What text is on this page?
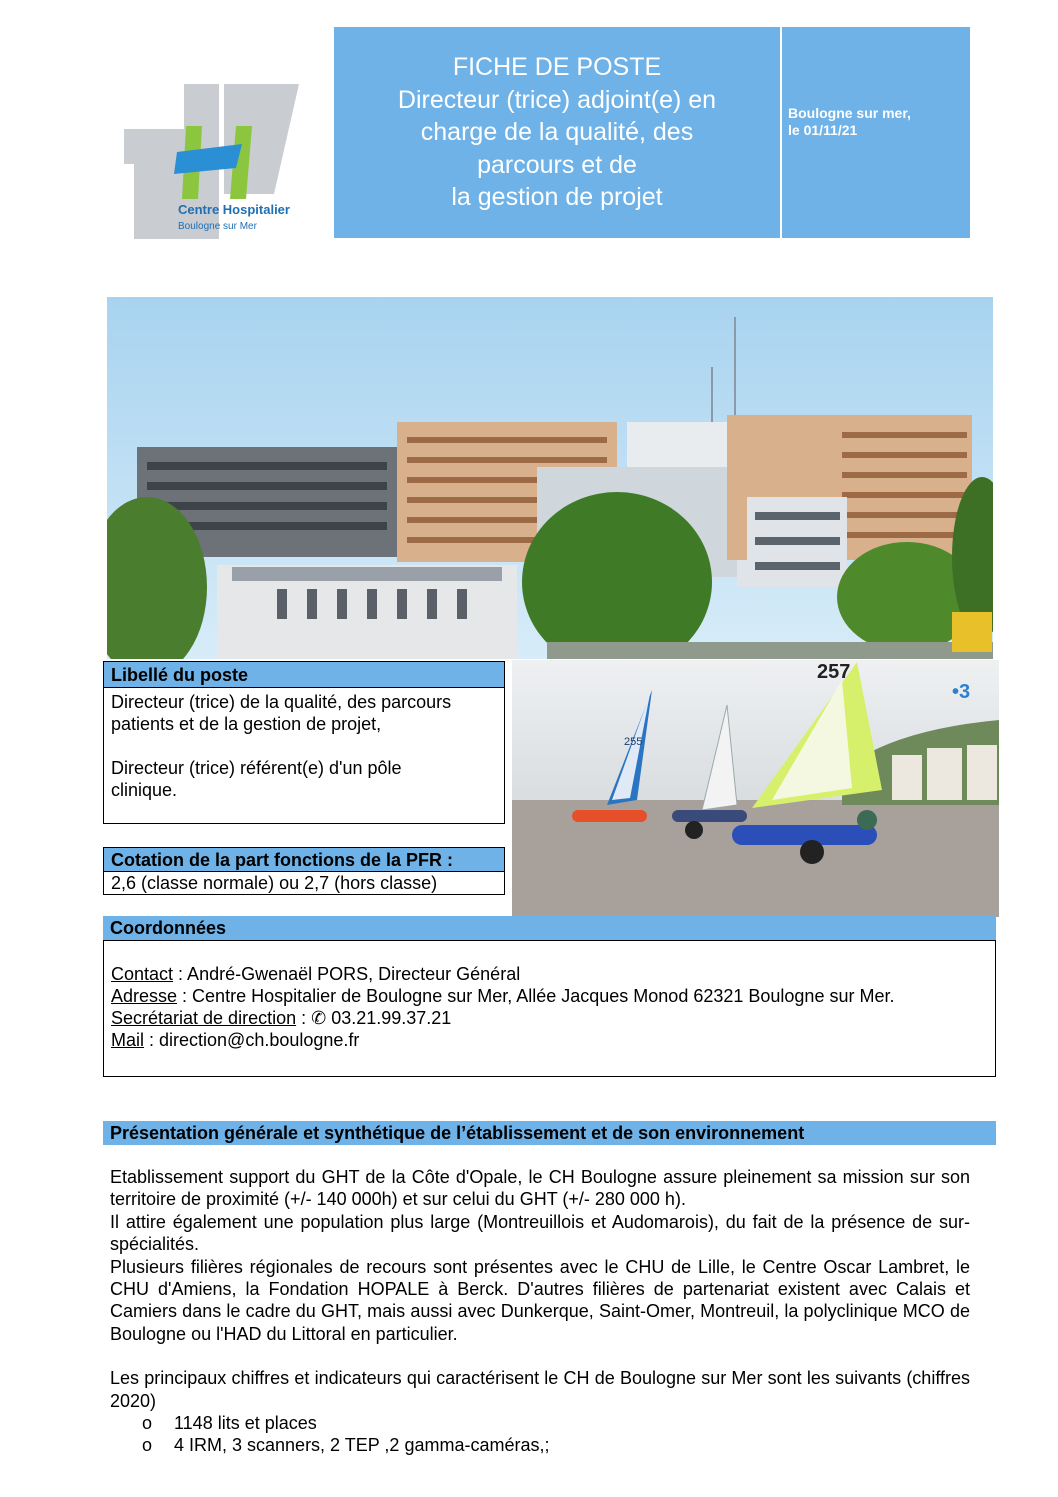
Centre Hospitalier
Boulogne sur Mer
FICHE DE POSTE
Directeur (trice) adjoint(e) en
charge de la qualité, des
parcours et de
la gestion de projet
Boulogne sur mer,
le 01/11/21
255
257
•3
Libellé du poste
Directeur (trice) de la qualité, des parcours
patients et de la gestion de projet,
Directeur (trice) référent(e) d'un pôle
clinique.
Cotation de la part fonctions de la PFR :
2,6 (classe normale) ou 2,7 (hors classe)
Coordonnées
Contact : André-Gwenaël PORS, Directeur Général
Adresse : Centre Hospitalier de Boulogne sur Mer, Allée Jacques Monod 62321 Boulogne sur Mer.
Secrétariat de direction : ✆ 03.21.99.37.21
Mail : direction@ch.boulogne.fr
Présentation générale et synthétique de l’établissement et de son environnement

Etablissement support du GHT de la Côte d'Opale, le CH Boulogne assure pleinement sa mission sur son territoire de proximité (+/- 140 000h) et sur celui du GHT (+/- 280 000 h).

Il attire également une population plus large (Montreuillois et Audomarois), du fait de la présence de sur-spécialités.

Plusieurs filières régionales de recours sont présentes avec le CHU de Lille, le Centre Oscar Lambret, le CHU d'Amiens, la Fondation HOPALE à Berck. D'autres filières de partenariat existent avec Calais et Camiers dans le cadre du GHT, mais aussi avec Dunkerque, Saint-Omer, Montreuil, la polyclinique MCO de Boulogne ou l'HAD du Littoral en particulier.

Les principaux chiffres et indicateurs qui caractérisent le CH de Boulogne sur Mer sont les suivants (chiffres 2020)

o 1148 lits et places
o 4 IRM, 3 scanners, 2 TEP ,2 gamma-caméras,;
